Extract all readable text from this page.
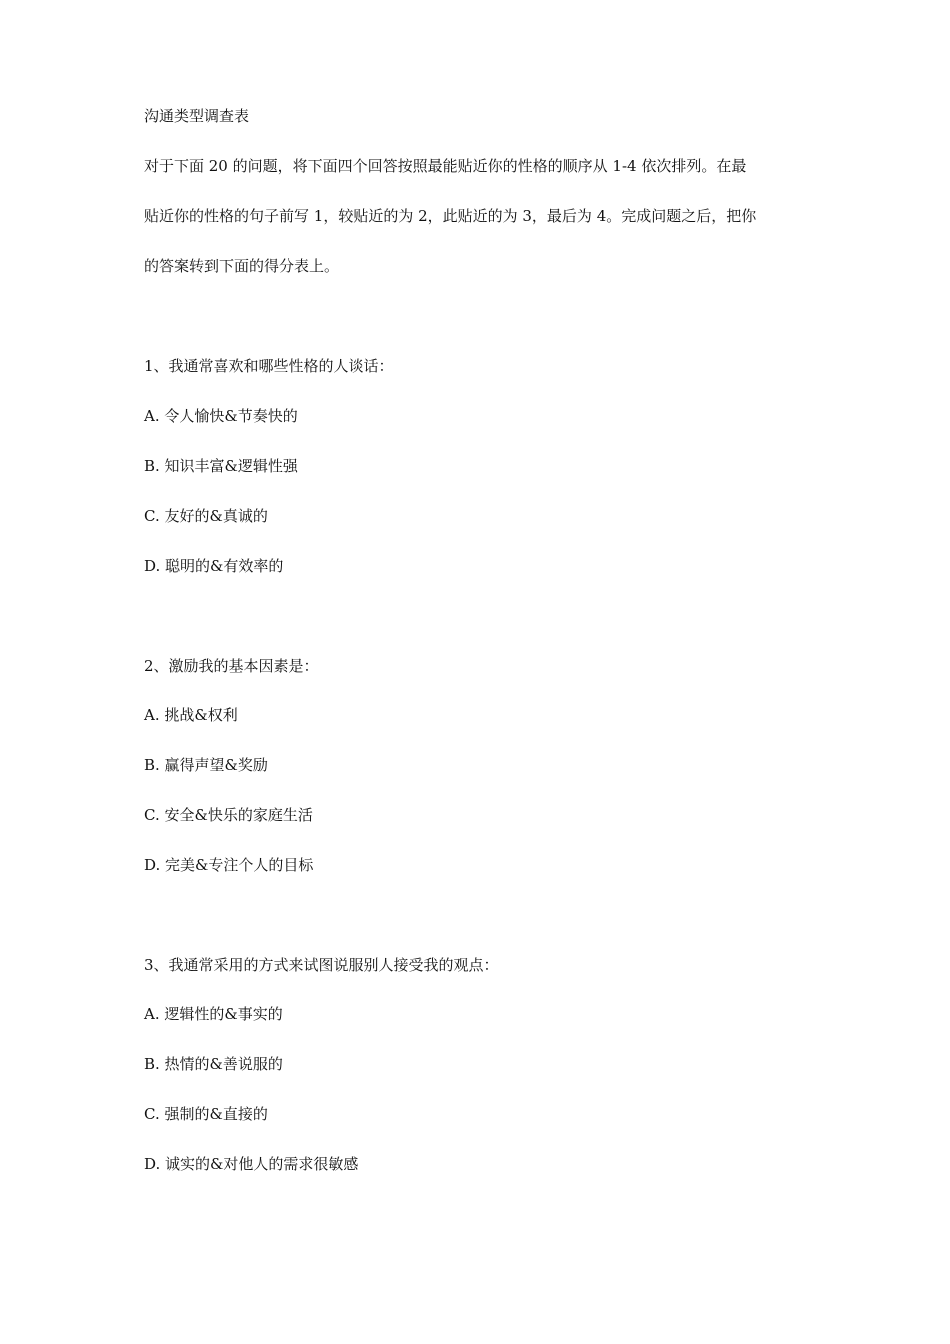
沟通类型调查表
对于下面 20 的问题，将下面四个回答按照最能贴近你的性格的顺序从 1-4 依次排列。在最
贴近你的性格的句子前写 1，较贴近的为 2，此贴近的为 3，最后为 4。完成问题之后，把你
的答案转到下面的得分表上。
1、我通常喜欢和哪些性格的人谈话：
A. 令人愉快&节奏快的
B. 知识丰富&逻辑性强
C. 友好的&真诚的
D. 聪明的&有效率的
2、激励我的基本因素是：
A. 挑战&权利
B. 赢得声望&奖励
C. 安全&快乐的家庭生活
D. 完美&专注个人的目标
3、我通常采用的方式来试图说服别人接受我的观点：
A. 逻辑性的&事实的
B. 热情的&善说服的
C. 强制的&直接的
D. 诚实的&对他人的需求很敏感
